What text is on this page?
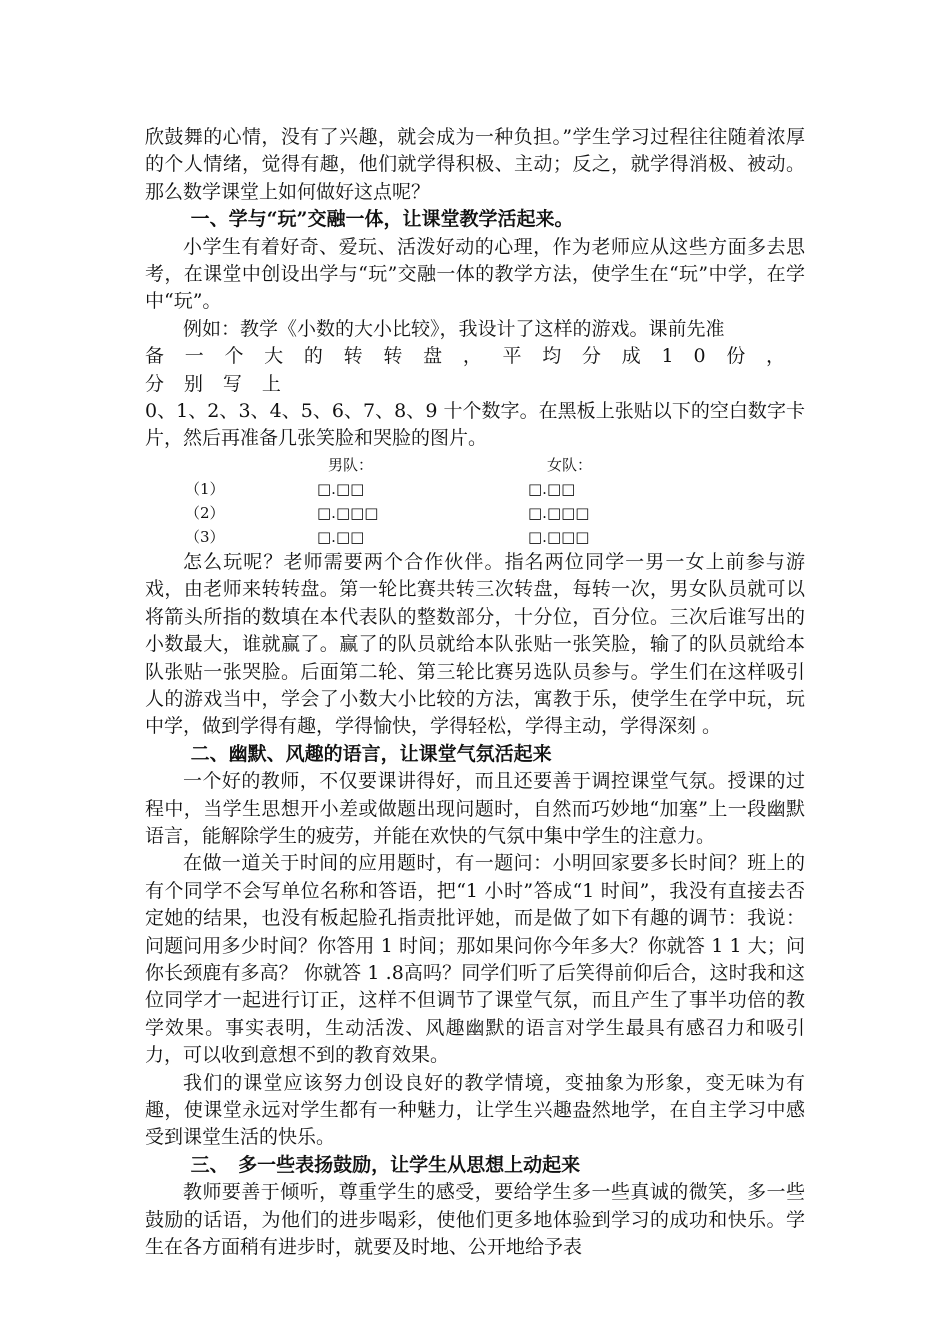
欣鼓舞的心情，没有了兴趣，就会成为一种负担。”学生学习过程往往随着浓厚的个人情绪，觉得有趣，他们就学得积极、主动；反之，就学得消极、被动。那么数学课堂上如何做好这点呢？

一、学与“玩”交融一体，让课堂教学活起来。

小学生有着好奇、爱玩、活泼好动的心理，作为老师应从这些方面多去思考，在课堂中创设出学与“玩”交融一体的教学方法，使学生在“玩”中学，在学中“玩”。

例如：教学《小数的大小比较》，我设计了这样的游戏。课前先准
备一个大的转转盘，平均分成10份，分别写上
0、1、2、3、4、5、6、7、8、9 十个数字。在黑板上张贴以下的空白数字卡片，然后再准备几张笑脸和哭脸的图片。

男队：	女队：
（1）	□.□□	□.□□
（2）	□.□□□	□.□□□
（3）	□.□□	□.□□□

怎么玩呢？老师需要两个合作伙伴。指名两位同学一男一女上前参与游戏，由老师来转转盘。第一轮比赛共转三次转盘，每转一次，男女队员就可以将箭头所指的数填在本代表队的整数部分，十分位，百分位。三次后谁写出的小数最大，谁就赢了。赢了的队员就给本队张贴一张笑脸，输了的队员就给本队张贴一张哭脸。后面第二轮、第三轮比赛另选队员参与。学生们在这样吸引人的游戏当中，学会了小数大小比较的方法，寓教于乐，使学生在学中玩，玩中学，做到学得有趣，学得愉快，学得轻松，学得主动，学得深刻 。

二、幽默、风趣的语言，让课堂气氛活起来

一个好的教师，不仅要课讲得好，而且还要善于调控课堂气氛。授课的过程中，当学生思想开小差或做题出现问题时，自然而巧妙地“加塞”上一段幽默语言，能解除学生的疲劳，并能在欢快的气氛中集中学生的注意力。

在做一道关于时间的应用题时，有一题问：小明回家要多长时间？班上的有个同学不会写单位名称和答语，把“1 小时”答成“1 时间”，我没有直接去否定她的结果，也没有板起脸孔指责批评她，而是做了如下有趣的调节：我说：问题问用多少时间？你答用 1 时间；那如果问你今年多大？你就答 1 1 大；问你长颈鹿有多高？ 你就答 1 .8高吗？同学们听了后笑得前仰后合，这时我和这位同学才一起进行订正，这样不但调节了课堂气氛，而且产生了事半功倍的教学效果。事实表明，生动活泼、风趣幽默的语言对学生最具有感召力和吸引力，可以收到意想不到的教育效果。

我们的课堂应该努力创设良好的教学情境，变抽象为形象，变无味为有趣，使课堂永远对学生都有一种魅力，让学生兴趣盎然地学，在自主学习中感受到课堂生活的快乐。

三、　多一些表扬鼓励，让学生从思想上动起来

教师要善于倾听，尊重学生的感受，要给学生多一些真诚的微笑，多一些鼓励的话语，为他们的进步喝彩，使他们更多地体验到学习的成功和快乐。学生在各方面稍有进步时，就要及时地、公开地给予表
